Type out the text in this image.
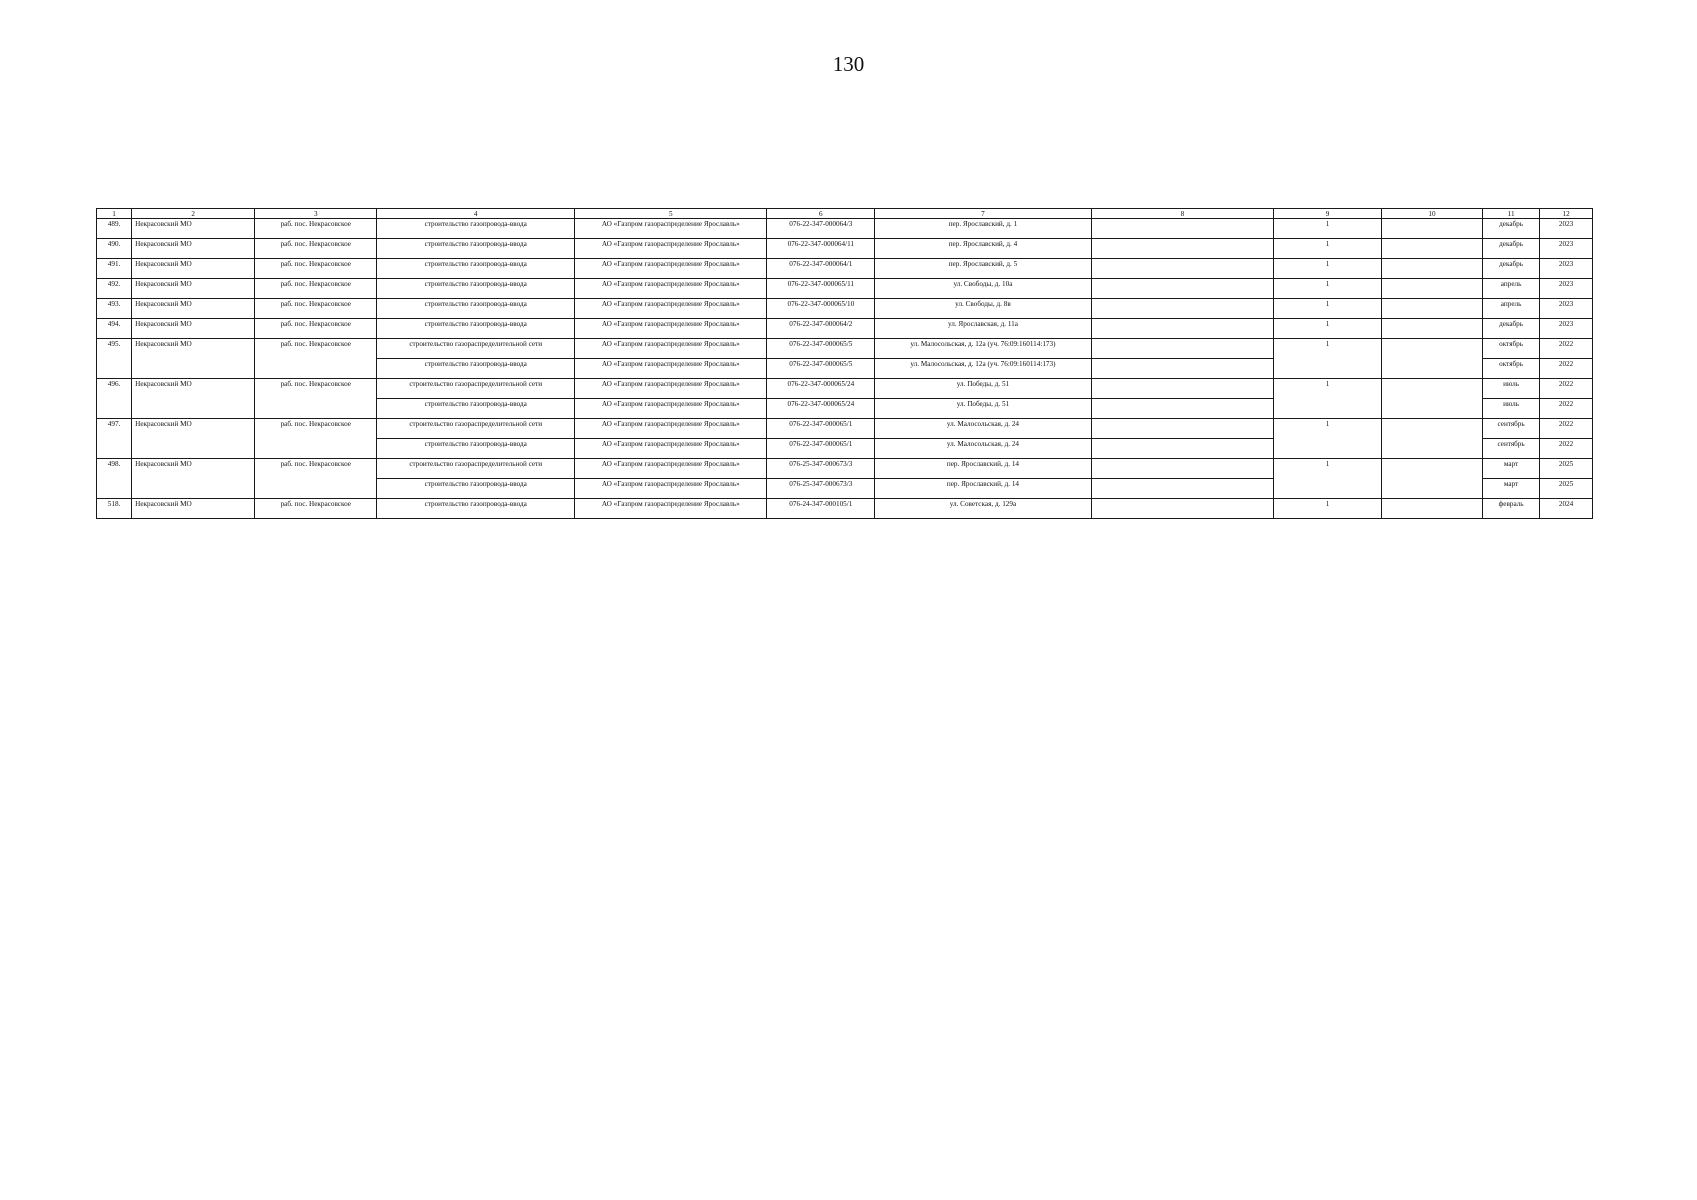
130
1	2	3	4	5	6	7	8	9	10	11	12
489.	Некрасовский МО	раб. пос. Некрасовское	строительство газопровода-ввода	АО «Газпром газораспределение Ярославль»	076-22-347-000064/3	пер. Ярославский, д. 1		1		декабрь	2023
490.	Некрасовский МО	раб. пос. Некрасовское	строительство газопровода-ввода	АО «Газпром газораспределение Ярославль»	076-22-347-000064/11	пер. Ярославский, д. 4		1		декабрь	2023
491.	Некрасовский МО	раб. пос. Некрасовское	строительство газопровода-ввода	АО «Газпром газораспределение Ярославль»	076-22-347-000064/1	пер. Ярославский, д. 5		1		декабрь	2023
492.	Некрасовский МО	раб. пос. Некрасовское	строительство газопровода-ввода	АО «Газпром газораспределение Ярославль»	076-22-347-000065/11	ул. Свободы, д. 10а		1		апрель	2023
493.	Некрасовский МО	раб. пос. Некрасовское	строительство газопровода-ввода	АО «Газпром газораспределение Ярославль»	076-22-347-000065/10	ул. Свободы, д. 8в		1		апрель	2023
494.	Некрасовский МО	раб. пос. Некрасовское	строительство газопровода-ввода	АО «Газпром газораспределение Ярославль»	076-22-347-000064/2	ул. Ярославская, д. 11а		1		декабрь	2023
495.	Некрасовский МО	раб. пос. Некрасовское	строительство газораспределительной сети	АО «Газпром газораспределение Ярославль»	076-22-347-000065/5	ул. Малосольская, д. 12а (уч. 76:09:160114:173)		1		октябрь	2022
			строительство газопровода-ввода	АО «Газпром газораспределение Ярославль»	076-22-347-000065/5	ул. Малосольская, д. 12а (уч. 76:09:160114:173)				октябрь	2022
496.	Некрасовский МО	раб. пос. Некрасовское	строительство газораспределительной сети	АО «Газпром газораспределение Ярославль»	076-22-347-000065/24	ул. Победы, д. 51		1		июль	2022
			строительство газопровода-ввода	АО «Газпром газораспределение Ярославль»	076-22-347-000065/24	ул. Победы, д. 51				июль	2022
497.	Некрасовский МО	раб. пос. Некрасовское	строительство газораспределительной сети	АО «Газпром газораспределение Ярославль»	076-22-347-000065/1	ул. Малосольская, д. 24		1		сентябрь	2022
			строительство газопровода-ввода	АО «Газпром газораспределение Ярославль»	076-22-347-000065/1	ул. Малосольская, д. 24				сентябрь	2022
498.	Некрасовский МО	раб. пос. Некрасовское	строительство газораспределительной сети	АО «Газпром газораспределение Ярославль»	076-25-347-000673/3	пер. Ярославский, д. 14		1		март	2025
			строительство газопровода-ввода	АО «Газпром газораспределение Ярославль»	076-25-347-000673/3	пер. Ярославский, д. 14				март	2025
518.	Некрасовский МО	раб. пос. Некрасовское	строительство газопровода-ввода	АО «Газпром газораспределение Ярославль»	076-24-347-000105/1	ул. Советская, д. 129а		1		февраль	2024
